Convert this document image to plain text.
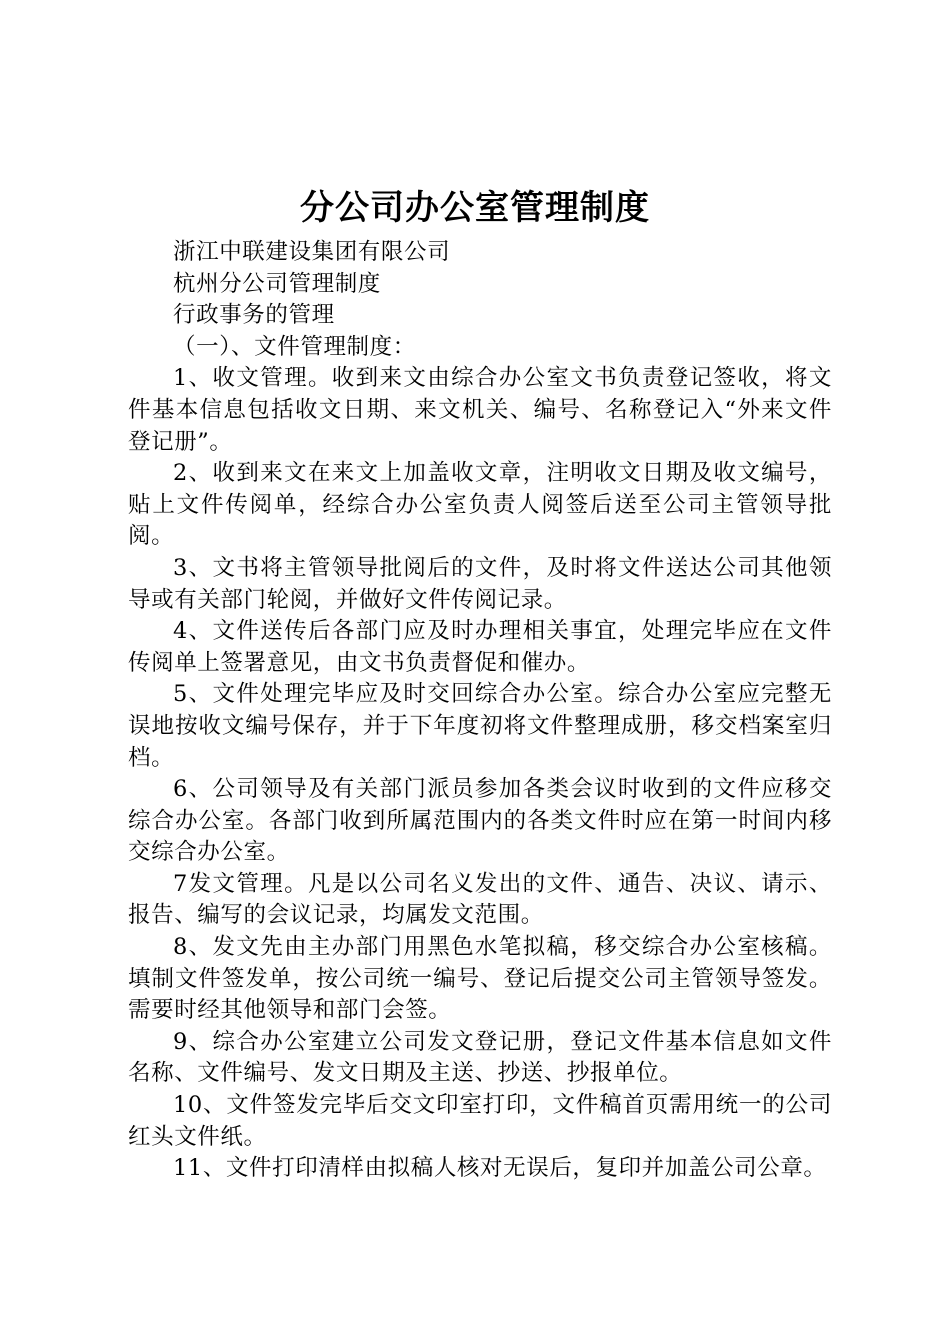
分公司办公室管理制度

浙江中联建设集团有限公司

杭州分公司管理制度

行政事务的管理

（一）、文件管理制度：

1、收文管理。收到来文由综合办公室文书负责登记签收，将文件基本信息包括收文日期、来文机关、编号、名称登记入“外来文件登记册”。

2、收到来文在来文上加盖收文章，注明收文日期及收文编号，贴上文件传阅单，经综合办公室负责人阅签后送至公司主管领导批阅。

3、文书将主管领导批阅后的文件，及时将文件送达公司其他领导或有关部门轮阅，并做好文件传阅记录。

4、文件送传后各部门应及时办理相关事宜，处理完毕应在文件传阅单上签署意见，由文书负责督促和催办。

5、文件处理完毕应及时交回综合办公室。综合办公室应完整无误地按收文编号保存，并于下年度初将文件整理成册，移交档案室归档。

6、公司领导及有关部门派员参加各类会议时收到的文件应移交综合办公室。各部门收到所属范围内的各类文件时应在第一时间内移交综合办公室。

7发文管理。凡是以公司名义发出的文件、通告、决议、请示、报告、编写的会议记录，均属发文范围。

8、发文先由主办部门用黑色水笔拟稿，移交综合办公室核稿。填制文件签发单，按公司统一编号、登记后提交公司主管领导签发。需要时经其他领导和部门会签。

9、综合办公室建立公司发文登记册，登记文件基本信息如文件名称、文件编号、发文日期及主送、抄送、抄报单位。

10、文件签发完毕后交文印室打印，文件稿首页需用统一的公司红头文件纸。

11、文件打印清样由拟稿人核对无误后，复印并加盖公司公章。
